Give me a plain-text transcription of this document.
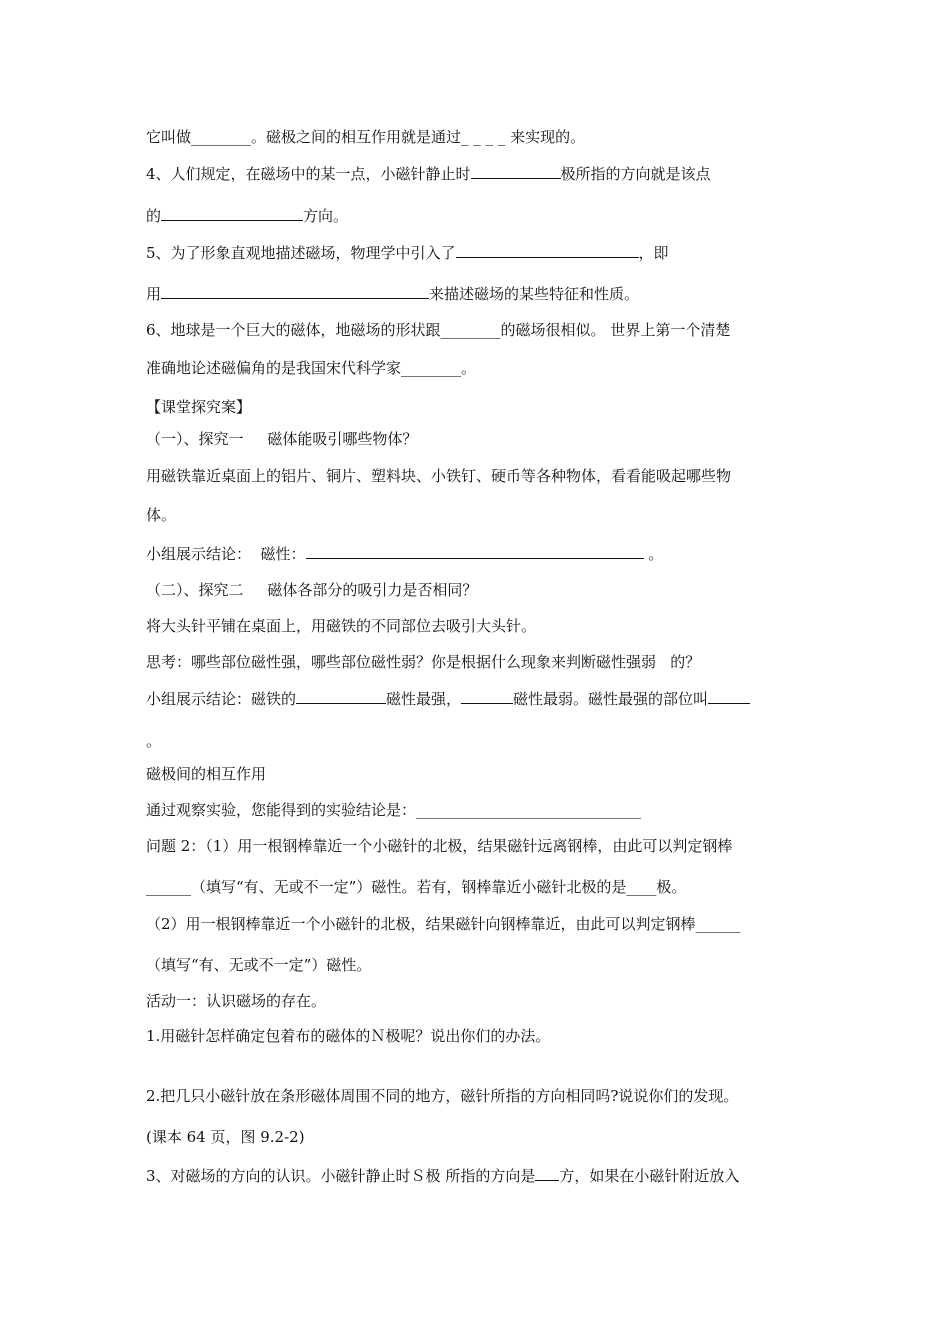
它叫做________。磁极之间的相互作用就是通过_ _ _ _ 来实现的。
4、人们规定，在磁场中的某一点，小磁针静止时	极所指的方向就是该点
的	方向。
5、为了形象直观地描述磁场，物理学中引入了	，即
用	来描述磁场的某些特征和性质。
6、地球是一个巨大的磁体，地磁场的形状跟________的磁场很相似。 世界上第一个清楚
准确地论述磁偏角的是我国宋代科学家________。
【课堂探究案】
（一）、探究一     磁体能吸引哪些物体？
用磁铁靠近桌面上的铝片、铜片、塑料块、小铁钉、硬币等各种物体，看看能吸起哪些物
体。
小组展示结论：  磁性：	。
（二）、探究二     磁体各部分的吸引力是否相同？
将大头针平铺在桌面上，用磁铁的不同部位去吸引大头针。
思考：哪些部位磁性强，哪些部位磁性弱？你是根据什么现象来判断磁性强弱   的？
小组展示结论：磁铁的	磁性最强，	磁性最弱。磁性最强的部位叫
。
磁极间的相互作用
通过观察实验，您能得到的实验结论是：______________________________
问题 2：（1）用一根钢棒靠近一个小磁针的北极，结果磁针远离钢棒，由此可以判定钢棒
______（填写“有、无或不一定”）磁性。若有，钢棒靠近小磁针北极的是____极。
（2）用一根钢棒靠近一个小磁针的北极，结果磁针向钢棒靠近，由此可以判定钢棒______
（填写“有、无或不一定”）磁性。
活动一：认识磁场的存在。
1.用磁针怎样确定包着布的磁体的Ｎ极呢？说出你们的办法。
2.把几只小磁针放在条形磁体周围不同的地方，磁针所指的方向相同吗?说说你们的发现。
(课本 64 页，图 9.2-2)
3、对磁场的方向的认识。小磁针静止时Ｓ极 所指的方向是 方，如果在小磁针附近放入
